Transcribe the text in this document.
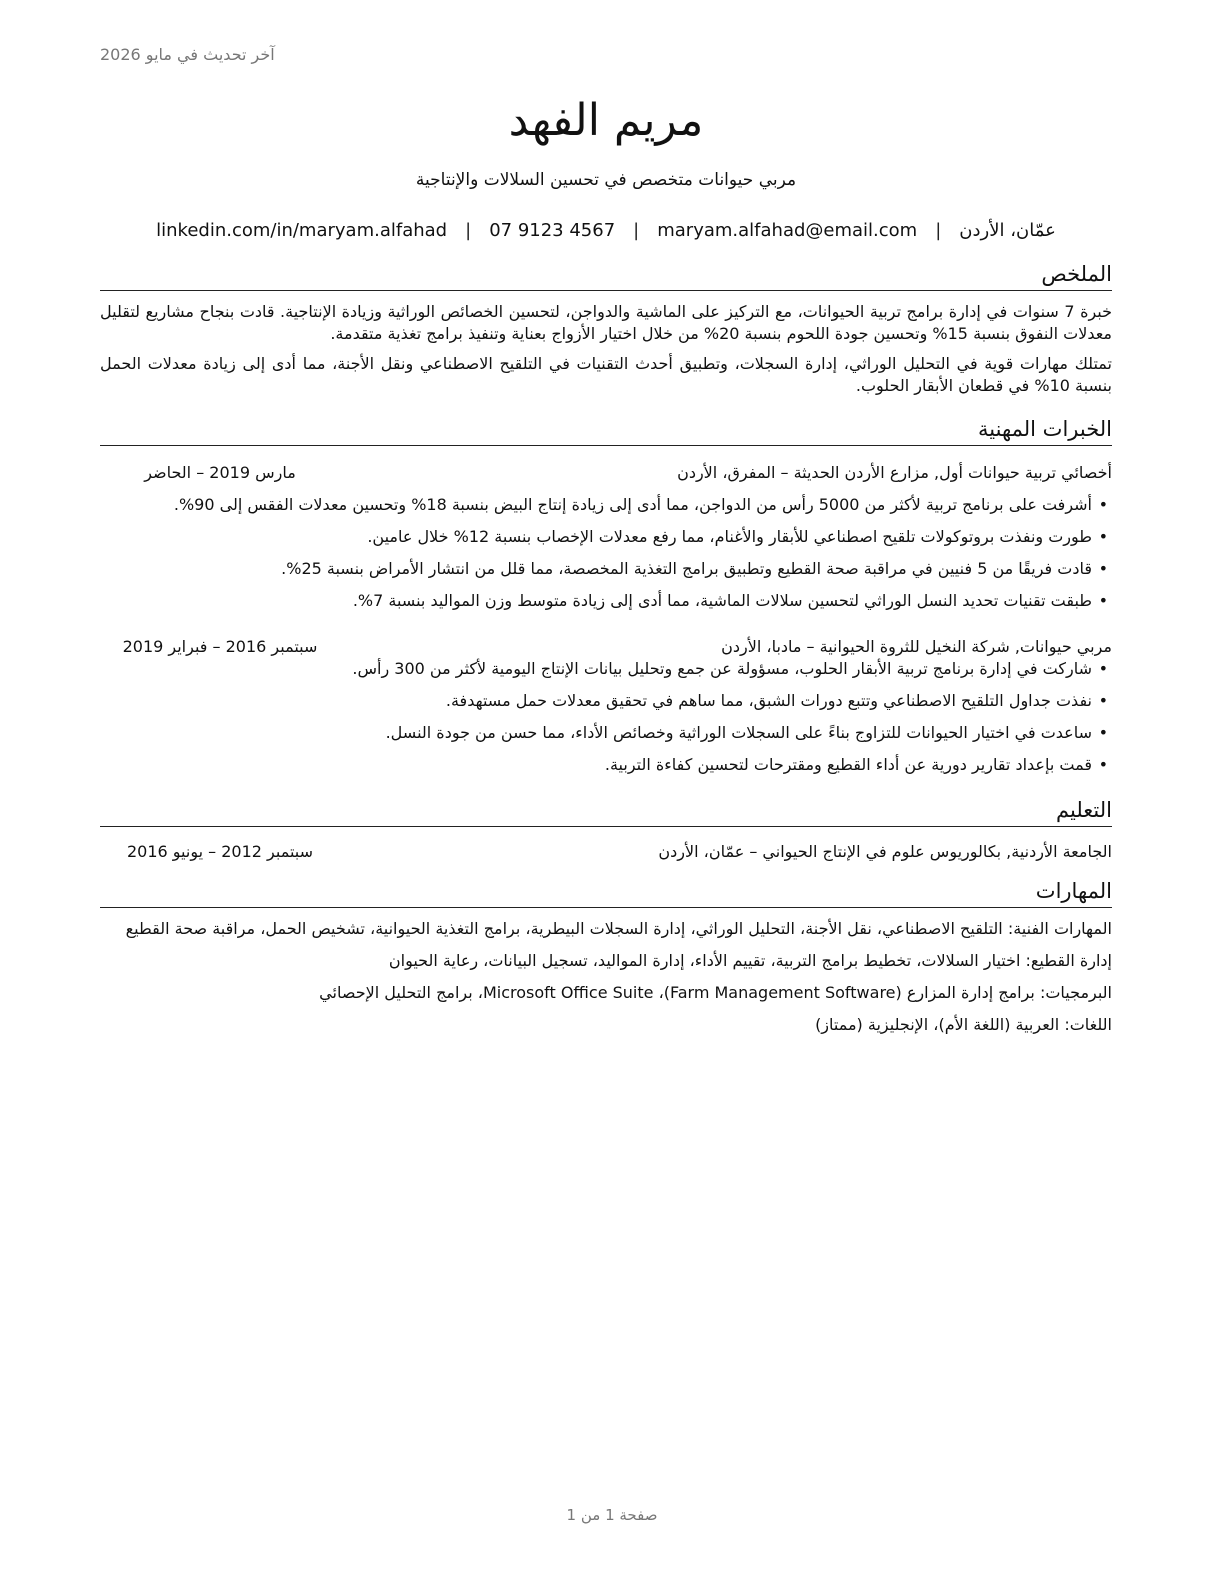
آخر تحديث في مايو 2026
مريم الفهد
مربي حيوانات متخصص في تحسين السلالات والإنتاجية
عمّان، الأردن
|
maryam.alfahad@email.com
|
07 9123 4567
|
linkedin.com/in/maryam.alfahad
الملخص
خبرة 7 سنوات في إدارة برامج تربية الحيوانات، مع التركيز على الماشية والدواجن، لتحسين الخصائص الوراثية وزيادة الإنتاجية. قادت بنجاح مشاريع لتقليل معدلات النفوق بنسبة 15% وتحسين جودة اللحوم بنسبة 20% من خلال اختيار الأزواج بعناية وتنفيذ برامج تغذية متقدمة.
تمتلك مهارات قوية في التحليل الوراثي، إدارة السجلات، وتطبيق أحدث التقنيات في التلقيح الاصطناعي ونقل الأجنة، مما أدى إلى زيادة معدلات الحمل بنسبة 10% في قطعان الأبقار الحلوب.
الخبرات المهنية
أخصائي تربية حيوانات أول, مزارع الأردن الحديثة – المفرق، الأردن
مارس 2019 – الحاضر
•
أشرفت على برنامج تربية لأكثر من 5000 رأس من الدواجن، مما أدى إلى زيادة إنتاج البيض بنسبة 18% وتحسين معدلات الفقس إلى 90%.
•
طورت ونفذت بروتوكولات تلقيح اصطناعي للأبقار والأغنام، مما رفع معدلات الإخصاب بنسبة 12% خلال عامين.
•
قادت فريقًا من 5 فنيين في مراقبة صحة القطيع وتطبيق برامج التغذية المخصصة، مما قلل من انتشار الأمراض بنسبة 25%.
•
طبقت تقنيات تحديد النسل الوراثي لتحسين سلالات الماشية، مما أدى إلى زيادة متوسط وزن المواليد بنسبة 7%.
مربي حيوانات, شركة النخيل للثروة الحيوانية – مادبا، الأردن
سبتمبر 2016 – فبراير 2019
•
شاركت في إدارة برنامج تربية الأبقار الحلوب، مسؤولة عن جمع وتحليل بيانات الإنتاج اليومية لأكثر من 300 رأس.
•
نفذت جداول التلقيح الاصطناعي وتتبع دورات الشبق، مما ساهم في تحقيق معدلات حمل مستهدفة.
•
ساعدت في اختيار الحيوانات للتزاوج بناءً على السجلات الوراثية وخصائص الأداء، مما حسن من جودة النسل.
•
قمت بإعداد تقارير دورية عن أداء القطيع ومقترحات لتحسين كفاءة التربية.
التعليم
الجامعة الأردنية, بكالوريوس علوم في الإنتاج الحيواني – عمّان، الأردن
سبتمبر 2012 – يونيو 2016
المهارات
المهارات الفنية: التلقيح الاصطناعي، نقل الأجنة، التحليل الوراثي، إدارة السجلات البيطرية، برامج التغذية الحيوانية، تشخيص الحمل، مراقبة صحة القطيع
إدارة القطيع: اختيار السلالات، تخطيط برامج التربية، تقييم الأداء، إدارة المواليد، تسجيل البيانات، رعاية الحيوان
البرمجيات: برامج إدارة المزارع (Farm Management Software)، Microsoft Office Suite، برامج التحليل الإحصائي
اللغات: العربية (اللغة الأم)، الإنجليزية (ممتاز)
صفحة 1 من 1
